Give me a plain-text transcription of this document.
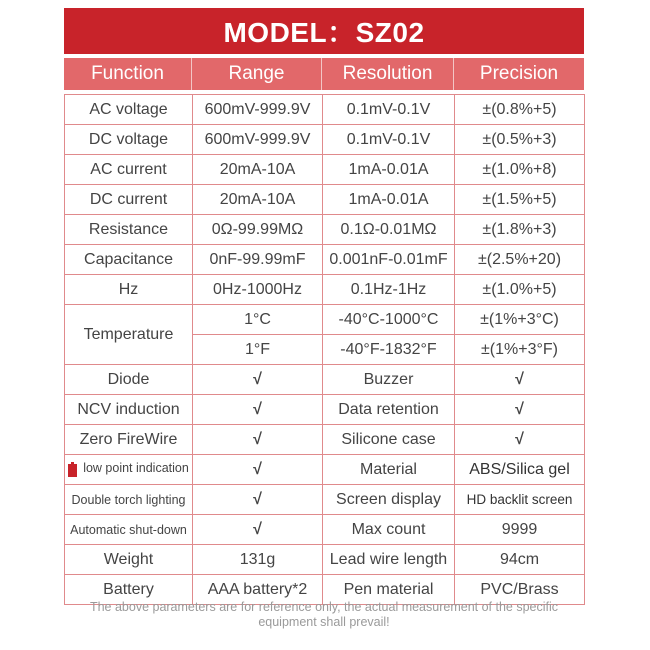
MODEL：SZ02
Function	Range	Resolution	Precision
AC voltage	600mV-999.9V	0.1mV-0.1V	±(0.8%+5)
DC voltage	600mV-999.9V	0.1mV-0.1V	±(0.5%+3)
AC current	20mA-10A	1mA-0.01A	±(1.0%+8)
DC current	20mA-10A	1mA-0.01A	±(1.5%+5)
Resistance	0Ω-99.99MΩ	0.1Ω-0.01MΩ	±(1.8%+3)
Capacitance	0nF-99.99mF	0.001nF-0.01mF	±(2.5%+20)
Hz	0Hz-1000Hz	0.1Hz-1Hz	±(1.0%+5)
Temperature	1°C	-40°C-1000°C	±(1%+3°C)
	1°F	-40°F-1832°F	±(1%+3°F)
Diode	√	Buzzer	√
NCV induction	√	Data retention	√
Zero FireWire	√	Silicone case	√
low point indication	√	Material	ABS/Silica gel
Double torch lighting	√	Screen display	HD backlit screen
Automatic shut-down	√	Max count	9999
Weight	131g	Lead wire length	94cm
Battery	AAA battery*2	Pen material	PVC/Brass
The above parameters are for reference only, the actual measurement of the specific equipment shall prevail!
